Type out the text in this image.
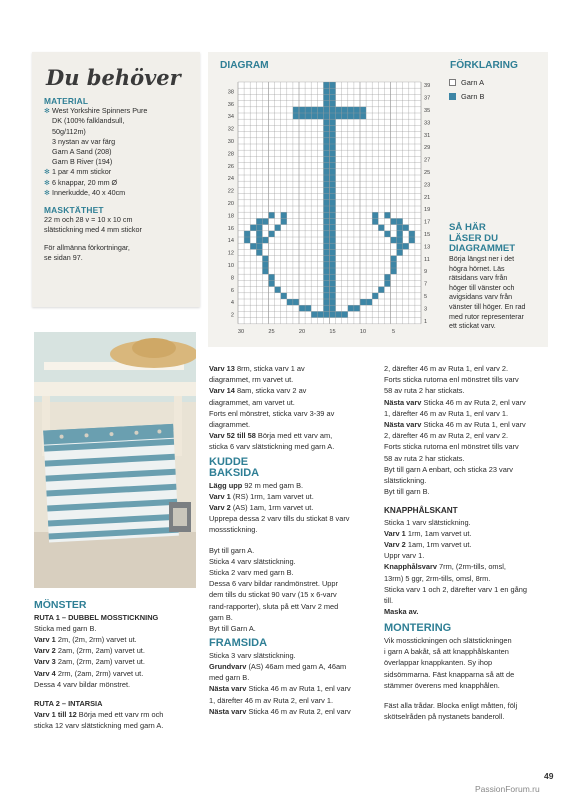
Du behöver
MATERIAL
✻ West Yorkshire Spinners Pure
DK (100% falklandsull,
50g/112m)
3 nystan av var färg
Garn A Sand (208)
Garn B River (194)
✻ 1 par 4 mm stickor
✻ 6 knappar, 20 mm Ø
✻ Innerkudde, 40 x 40cm
MASKTÄTHET
22 m och 28 v = 10 x 10 cm
slätstickning med 4 mm stickor
För allmänna förkortningar,
se sidan 97.
DIAGRAM
38
36
34
32
30
28
26
24
22
20
18
16
14
12
10
8
6
4
2
39
37
35
33
31
29
27
25
23
21
19
17
15
13
11
9
7
5
3
1
30	25	20	15	10	5
FÖRKLARING
Garn A
Garn B
SÅ HÄR
LÄSER DU
DIAGRAMMET
Börja längst ner i det
högra hörnet. Läs
rätsidans varv från
höger till vänster och
avigsidans varv från
vänster till höger. En rad
med rutor representerar
ett stickat varv.
MÖNSTER

RUTA 1 – DUBBEL MOSSTICKNING

Sticka med garn B.

Varv 1 2m, (2m, 2rm) varvet ut.

Varv 2 2am, (2rm, 2am) varvet ut.

Varv 3 2am, (2rm, 2am) varvet ut.

Varv 4 2rm, (2am, 2rm) varvet ut.

Dessa 4 varv bildar mönstret.

RUTA 2 – INTARSIA

Varv 1 till 12 Börja med ett varv rm och

sticka 12 varv slätstickning med garn A.

Varv 13 8rm, sticka varv 1 av

diagrammet, rm varvet ut.

Varv 14 8am, sticka varv 2 av

diagrammet, am varvet ut.

Forts enl mönstret, sticka varv 3-39 av

diagrammet.

Varv 52 till 58 Börja med ett varv am,

sticka 6 varv slätstickning med garn A.

KUDDE
BAKSIDA

Lägg upp 92 m med garn B.

Varv 1 (RS) 1rm, 1am varvet ut.

Varv 2 (AS) 1am, 1rm varvet ut.

Upprepa dessa 2 varv tills du stickat 8 varv

mossstickning.

Byt till garn A.

Sticka 4 varv slätstickning.

Sticka 2 varv med garn B.

Dessa 6 varv bildar randmönstret. Uppr

dem tills du stickat 90 varv (15 x 6-varv

rand-rapporter), sluta på ett Varv 2 med

garn B.

Byt till Garn A.

FRAMSIDA

Sticka 3 varv slätstickning.

Grundvarv (AS) 46am med garn A, 46am

med garn B.

Nästa varv Sticka 46 m av Ruta 1, enl varv

1, därefter 46 m av Ruta 2, enl varv 1.

Nästa varv Sticka 46 m av Ruta 2, enl varv

2, därefter 46 m av Ruta 1, enl varv 2.

Forts sticka rutorna enl mönstret tills varv

58 av ruta 2 har stickats.

Nästa varv Sticka 46 m av Ruta 2, enl varv

1, därefter 46 m av Ruta 1, enl varv 1.

Nästa varv Sticka 46 m av Ruta 1, enl varv

2, därefter 46 m av Ruta 2, enl varv 2.

Forts sticka rutorna enl mönstret tills varv

58 av ruta 2 har stickats.

Byt till garn A enbart, och sticka 23 varv

slätstickning.

Byt till garn B.

KNAPPHÅLSKANT

Sticka 1 varv slätstickning.

Varv 1 1rm, 1am varvet ut.

Varv 2 1am, 1rm varvet ut.

Uppr varv 1.

Knapphålsvarv 7rm, (2rm-tills, omsl,

13rm) 5 ggr, 2rm-tills, omsl, 8rm.

Sticka varv 1 och 2, därefter varv 1 en gång

till.

Maska av.

MONTERING

Vik mosstickningen och slätstickningen

i garn A bakåt, så att knapphålskanten

överlappar knappkanten. Sy ihop

sidsömmarna. Fäst knapparna så att de

stämmer överens med knapphålen.

Fäst alla trådar. Blocka enligt måtten, följ

skötselråden på nystanets banderoll.

49
PassionForum.ru
